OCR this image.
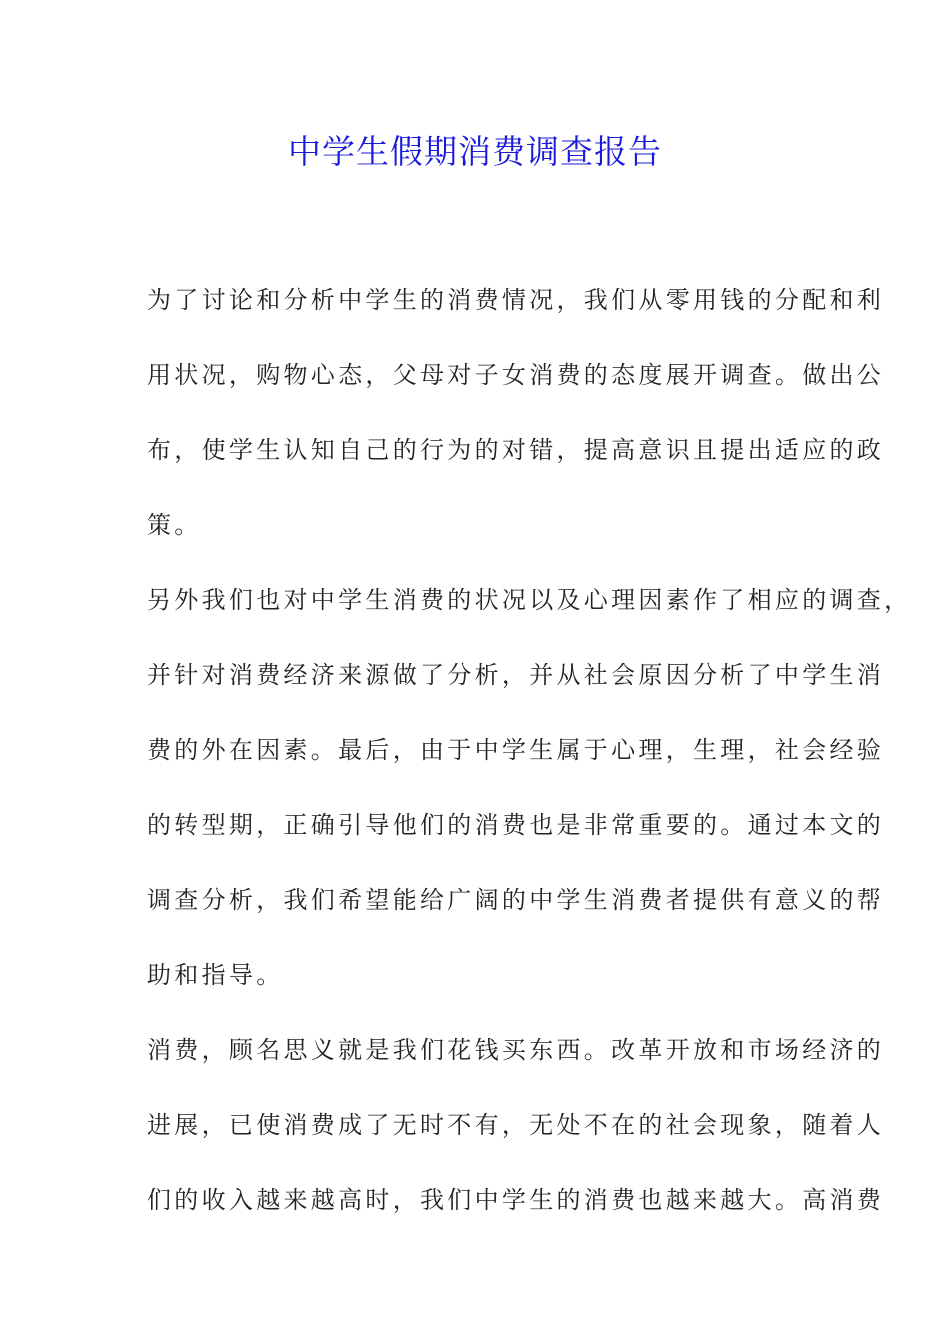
中学生假期消费调查报告

为了讨论和分析中学生的消费情况，我们从零用钱的分配和利
用状况，购物心态，父母对子女消费的态度展开调查。做出公
布，使学生认知自己的行为的对错，提高意识且提出适应的政
策。

另外我们也对中学生消费的状况以及心理因素作了相应的调查，
并针对消费经济来源做了分析，并从社会原因分析了中学生消
费的外在因素。最后，由于中学生属于心理，生理，社会经验
的转型期，正确引导他们的消费也是非常重要的。通过本文的
调查分析，我们希望能给广阔的中学生消费者提供有意义的帮
助和指导。

消费，顾名思义就是我们花钱买东西。改革开放和市场经济的
进展，已使消费成了无时不有，无处不在的社会现象，随着人
们的收入越来越高时，我们中学生的消费也越来越大。高消费
